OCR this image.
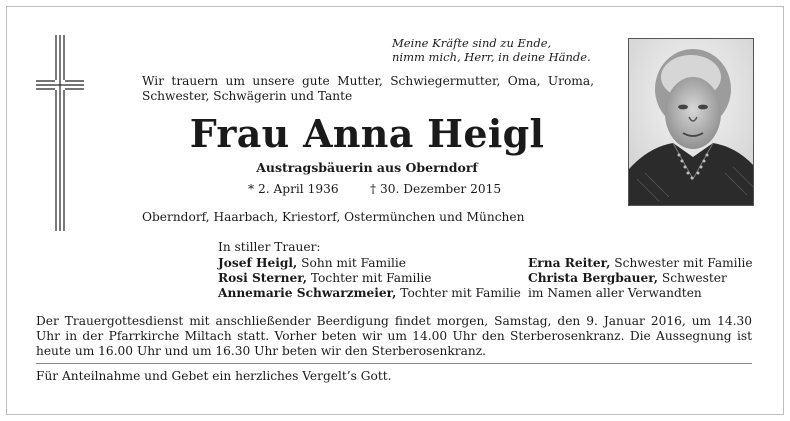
Meine Kräfte sind zu Ende,
nimm mich, Herr, in deine Hände.
Wir trauern um unsere gute Mutter, Schwiegermutter, Oma, Uroma,
Schwester, Schwägerin und Tante
Frau Anna Heigl
Austragsbäuerin aus Oberndorf
* 2. April 1936	† 30. Dezember 2015
Oberndorf, Haarbach, Kriestorf, Ostermünchen und München
In stiller Trauer:
Josef Heigl, Sohn mit Familie
Rosi Sterner, Tochter mit Familie
Annemarie Schwarzmeier, Tochter mit Familie
Erna Reiter, Schwester mit Familie
Christa Bergbauer, Schwester
im Namen aller Verwandten
Der Trauergottesdienst mit anschließender Beerdigung findet morgen, Samstag, den 9. Januar 2016, um 14.30 Uhr in der Pfarrkirche Miltach statt. Vorher beten wir um 14.00 Uhr den Sterberosenkranz. Die Aussegnung ist heute um 16.00 Uhr und um 16.30 Uhr beten wir den Sterberosenkranz.
Für Anteilnahme und Gebet ein herzliches Vergelt’s Gott.
